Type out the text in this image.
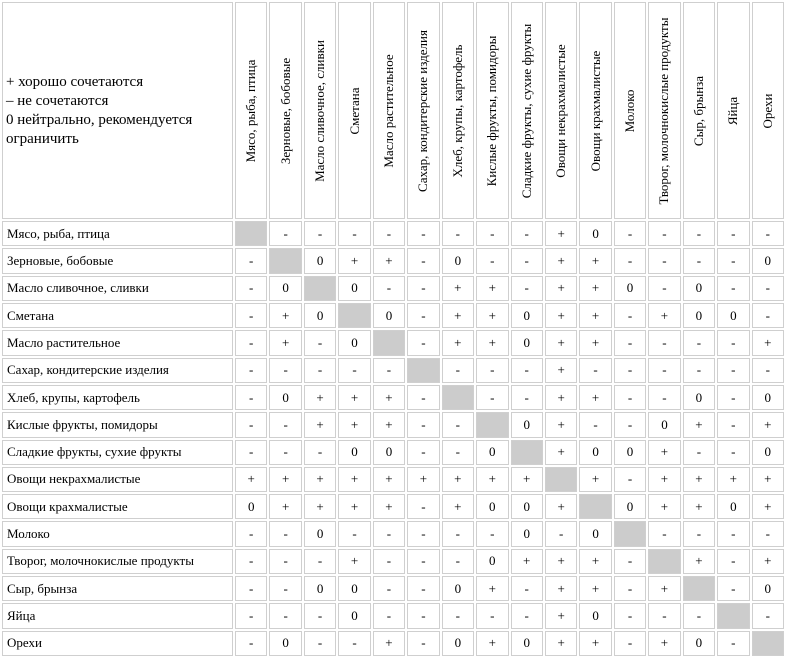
+ хорошо сочетаются
– не сочетаются
0 нейтрально, рекомендуется
ограничить	Мясо, рыба, птица	Зерновые, бобовые	Масло сливочное, сливки	Сметана	Масло растительное	Сахар, кондитерские изделия	Хлеб, крупы, картофель	Кислые фрукты, помидоры	Сладкие фрукты, сухие фрукты	Овощи некрахмалистые	Овощи крахмалистые	Молоко	Творог, молочнокислые продукты	Сыр, брынза	Яйца	Орехи

Мясо, рыба, птица		-	-	-	-	-	-	-	-	+	0	-	-	-	-	-
Зерновые, бобовые	-		0	+	+	-	0	-	-	+	+	-	-	-	-	0
Масло сливочное, сливки	-	0		0	-	-	+	+	-	+	+	0	-	0	-	-
Сметана	-	+	0		0	-	+	+	0	+	+	-	+	0	0	-
Масло растительное	-	+	-	0		-	+	+	0	+	+	-	-	-	-	+
Сахар, кондитерские изделия	-	-	-	-	-		-	-	-	+	-	-	-	-	-	-
Хлеб, крупы, картофель	-	0	+	+	+	-		-	-	+	+	-	-	0	-	0
Кислые фрукты, помидоры	-	-	+	+	+	-	-		0	+	-	-	0	+	-	+
Сладкие фрукты, сухие фрукты	-	-	-	0	0	-	-	0		+	0	0	+	-	-	0
Овощи некрахмалистые	+	+	+	+	+	+	+	+	+		+	-	+	+	+	+
Овощи крахмалистые	0	+	+	+	+	-	+	0	0	+		0	+	+	0	+
Молоко	-	-	0	-	-	-	-	-	0	-	0		-	-	-	-
Творог, молочнокислые продукты	-	-	-	+	-	-	-	0	+	+	+	-		+	-	+
Сыр, брынза	-	-	0	0	-	-	0	+	-	+	+	-	+		-	0
Яйца	-	-	-	0	-	-	-	-	-	+	0	-	-	-		-
Орехи	-	0	-	-	+	-	0	+	0	+	+	-	+	0	-	
